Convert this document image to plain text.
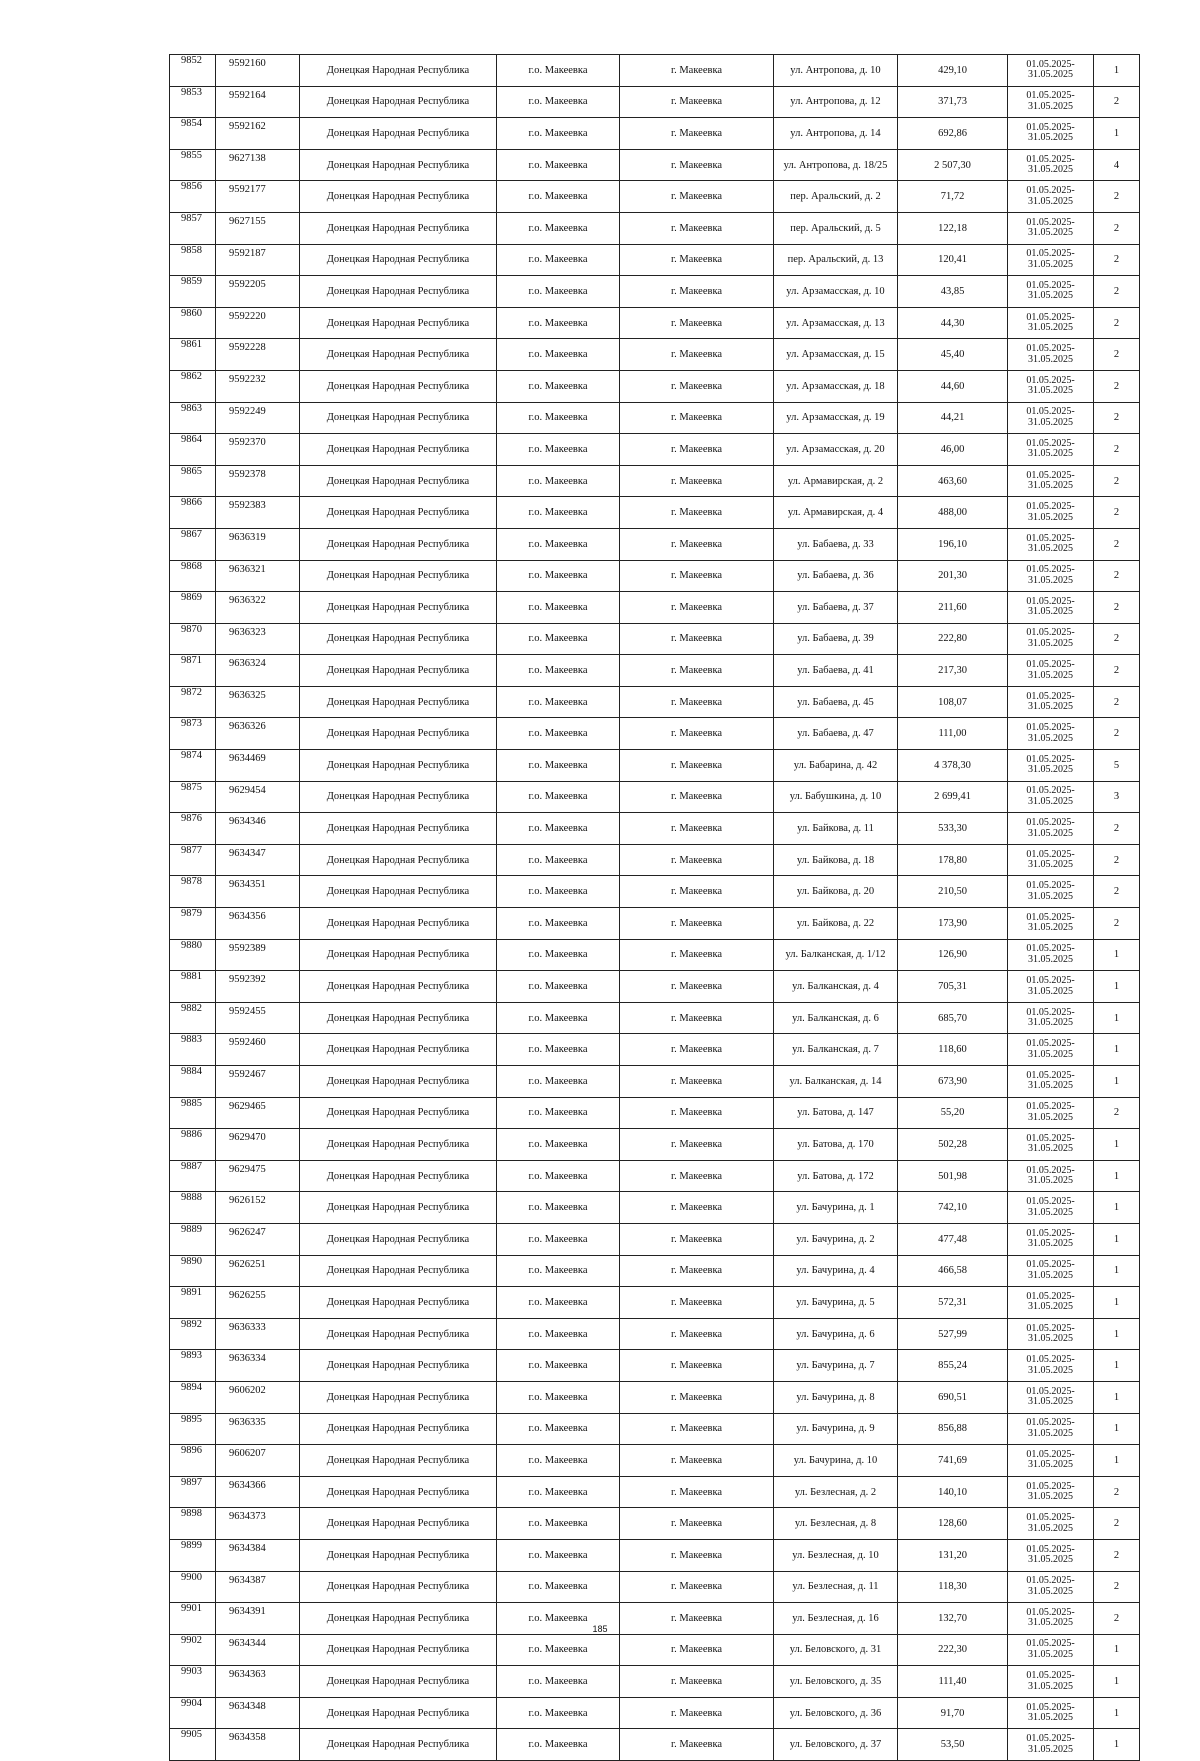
9852	9592160	Донецкая Народная Республика	г.о. Макеевка	г. Макеевка	ул. Антропова, д. 10	429,10	01.05.2025-
31.05.2025	1
9853	9592164	Донецкая Народная Республика	г.о. Макеевка	г. Макеевка	ул. Антропова, д. 12	371,73	01.05.2025-
31.05.2025	2
9854	9592162	Донецкая Народная Республика	г.о. Макеевка	г. Макеевка	ул. Антропова, д. 14	692,86	01.05.2025-
31.05.2025	1
9855	9627138	Донецкая Народная Республика	г.о. Макеевка	г. Макеевка	ул. Антропова, д. 18/25	2 507,30	01.05.2025-
31.05.2025	4
9856	9592177	Донецкая Народная Республика	г.о. Макеевка	г. Макеевка	пер. Аральский, д. 2	71,72	01.05.2025-
31.05.2025	2
9857	9627155	Донецкая Народная Республика	г.о. Макеевка	г. Макеевка	пер. Аральский, д. 5	122,18	01.05.2025-
31.05.2025	2
9858	9592187	Донецкая Народная Республика	г.о. Макеевка	г. Макеевка	пер. Аральский, д. 13	120,41	01.05.2025-
31.05.2025	2
9859	9592205	Донецкая Народная Республика	г.о. Макеевка	г. Макеевка	ул. Арзамасская, д. 10	43,85	01.05.2025-
31.05.2025	2
9860	9592220	Донецкая Народная Республика	г.о. Макеевка	г. Макеевка	ул. Арзамасская, д. 13	44,30	01.05.2025-
31.05.2025	2
9861	9592228	Донецкая Народная Республика	г.о. Макеевка	г. Макеевка	ул. Арзамасская, д. 15	45,40	01.05.2025-
31.05.2025	2
9862	9592232	Донецкая Народная Республика	г.о. Макеевка	г. Макеевка	ул. Арзамасская, д. 18	44,60	01.05.2025-
31.05.2025	2
9863	9592249	Донецкая Народная Республика	г.о. Макеевка	г. Макеевка	ул. Арзамасская, д. 19	44,21	01.05.2025-
31.05.2025	2
9864	9592370	Донецкая Народная Республика	г.о. Макеевка	г. Макеевка	ул. Арзамасская, д. 20	46,00	01.05.2025-
31.05.2025	2
9865	9592378	Донецкая Народная Республика	г.о. Макеевка	г. Макеевка	ул. Армавирская, д. 2	463,60	01.05.2025-
31.05.2025	2
9866	9592383	Донецкая Народная Республика	г.о. Макеевка	г. Макеевка	ул. Армавирская, д. 4	488,00	01.05.2025-
31.05.2025	2
9867	9636319	Донецкая Народная Республика	г.о. Макеевка	г. Макеевка	ул. Бабаева, д. 33	196,10	01.05.2025-
31.05.2025	2
9868	9636321	Донецкая Народная Республика	г.о. Макеевка	г. Макеевка	ул. Бабаева, д. 36	201,30	01.05.2025-
31.05.2025	2
9869	9636322	Донецкая Народная Республика	г.о. Макеевка	г. Макеевка	ул. Бабаева, д. 37	211,60	01.05.2025-
31.05.2025	2
9870	9636323	Донецкая Народная Республика	г.о. Макеевка	г. Макеевка	ул. Бабаева, д. 39	222,80	01.05.2025-
31.05.2025	2
9871	9636324	Донецкая Народная Республика	г.о. Макеевка	г. Макеевка	ул. Бабаева, д. 41	217,30	01.05.2025-
31.05.2025	2
9872	9636325	Донецкая Народная Республика	г.о. Макеевка	г. Макеевка	ул. Бабаева, д. 45	108,07	01.05.2025-
31.05.2025	2
9873	9636326	Донецкая Народная Республика	г.о. Макеевка	г. Макеевка	ул. Бабаева, д. 47	111,00	01.05.2025-
31.05.2025	2
9874	9634469	Донецкая Народная Республика	г.о. Макеевка	г. Макеевка	ул. Бабарина, д. 42	4 378,30	01.05.2025-
31.05.2025	5
9875	9629454	Донецкая Народная Республика	г.о. Макеевка	г. Макеевка	ул. Бабушкина, д. 10	2 699,41	01.05.2025-
31.05.2025	3
9876	9634346	Донецкая Народная Республика	г.о. Макеевка	г. Макеевка	ул. Байкова, д. 11	533,30	01.05.2025-
31.05.2025	2
9877	9634347	Донецкая Народная Республика	г.о. Макеевка	г. Макеевка	ул. Байкова, д. 18	178,80	01.05.2025-
31.05.2025	2
9878	9634351	Донецкая Народная Республика	г.о. Макеевка	г. Макеевка	ул. Байкова, д. 20	210,50	01.05.2025-
31.05.2025	2
9879	9634356	Донецкая Народная Республика	г.о. Макеевка	г. Макеевка	ул. Байкова, д. 22	173,90	01.05.2025-
31.05.2025	2
9880	9592389	Донецкая Народная Республика	г.о. Макеевка	г. Макеевка	ул. Балканская, д. 1/12	126,90	01.05.2025-
31.05.2025	1
9881	9592392	Донецкая Народная Республика	г.о. Макеевка	г. Макеевка	ул. Балканская, д. 4	705,31	01.05.2025-
31.05.2025	1
9882	9592455	Донецкая Народная Республика	г.о. Макеевка	г. Макеевка	ул. Балканская, д. 6	685,70	01.05.2025-
31.05.2025	1
9883	9592460	Донецкая Народная Республика	г.о. Макеевка	г. Макеевка	ул. Балканская, д. 7	118,60	01.05.2025-
31.05.2025	1
9884	9592467	Донецкая Народная Республика	г.о. Макеевка	г. Макеевка	ул. Балканская, д. 14	673,90	01.05.2025-
31.05.2025	1
9885	9629465	Донецкая Народная Республика	г.о. Макеевка	г. Макеевка	ул. Батова, д. 147	55,20	01.05.2025-
31.05.2025	2
9886	9629470	Донецкая Народная Республика	г.о. Макеевка	г. Макеевка	ул. Батова, д. 170	502,28	01.05.2025-
31.05.2025	1
9887	9629475	Донецкая Народная Республика	г.о. Макеевка	г. Макеевка	ул. Батова, д. 172	501,98	01.05.2025-
31.05.2025	1
9888	9626152	Донецкая Народная Республика	г.о. Макеевка	г. Макеевка	ул. Бачурина, д. 1	742,10	01.05.2025-
31.05.2025	1
9889	9626247	Донецкая Народная Республика	г.о. Макеевка	г. Макеевка	ул. Бачурина, д. 2	477,48	01.05.2025-
31.05.2025	1
9890	9626251	Донецкая Народная Республика	г.о. Макеевка	г. Макеевка	ул. Бачурина, д. 4	466,58	01.05.2025-
31.05.2025	1
9891	9626255	Донецкая Народная Республика	г.о. Макеевка	г. Макеевка	ул. Бачурина, д. 5	572,31	01.05.2025-
31.05.2025	1
9892	9636333	Донецкая Народная Республика	г.о. Макеевка	г. Макеевка	ул. Бачурина, д. 6	527,99	01.05.2025-
31.05.2025	1
9893	9636334	Донецкая Народная Республика	г.о. Макеевка	г. Макеевка	ул. Бачурина, д. 7	855,24	01.05.2025-
31.05.2025	1
9894	9606202	Донецкая Народная Республика	г.о. Макеевка	г. Макеевка	ул. Бачурина, д. 8	690,51	01.05.2025-
31.05.2025	1
9895	9636335	Донецкая Народная Республика	г.о. Макеевка	г. Макеевка	ул. Бачурина, д. 9	856,88	01.05.2025-
31.05.2025	1
9896	9606207	Донецкая Народная Республика	г.о. Макеевка	г. Макеевка	ул. Бачурина, д. 10	741,69	01.05.2025-
31.05.2025	1
9897	9634366	Донецкая Народная Республика	г.о. Макеевка	г. Макеевка	ул. Безлесная, д. 2	140,10	01.05.2025-
31.05.2025	2
9898	9634373	Донецкая Народная Республика	г.о. Макеевка	г. Макеевка	ул. Безлесная, д. 8	128,60	01.05.2025-
31.05.2025	2
9899	9634384	Донецкая Народная Республика	г.о. Макеевка	г. Макеевка	ул. Безлесная, д. 10	131,20	01.05.2025-
31.05.2025	2
9900	9634387	Донецкая Народная Республика	г.о. Макеевка	г. Макеевка	ул. Безлесная, д. 11	118,30	01.05.2025-
31.05.2025	2
9901	9634391	Донецкая Народная Республика	г.о. Макеевка	г. Макеевка	ул. Безлесная, д. 16	132,70	01.05.2025-
31.05.2025	2
9902	9634344	Донецкая Народная Республика	г.о. Макеевка	г. Макеевка	ул. Беловского, д. 31	222,30	01.05.2025-
31.05.2025	1
9903	9634363	Донецкая Народная Республика	г.о. Макеевка	г. Макеевка	ул. Беловского, д. 35	111,40	01.05.2025-
31.05.2025	1
9904	9634348	Донецкая Народная Республика	г.о. Макеевка	г. Макеевка	ул. Беловского, д. 36	91,70	01.05.2025-
31.05.2025	1
9905	9634358	Донецкая Народная Республика	г.о. Макеевка	г. Макеевка	ул. Беловского, д. 37	53,50	01.05.2025-
31.05.2025	1
185
